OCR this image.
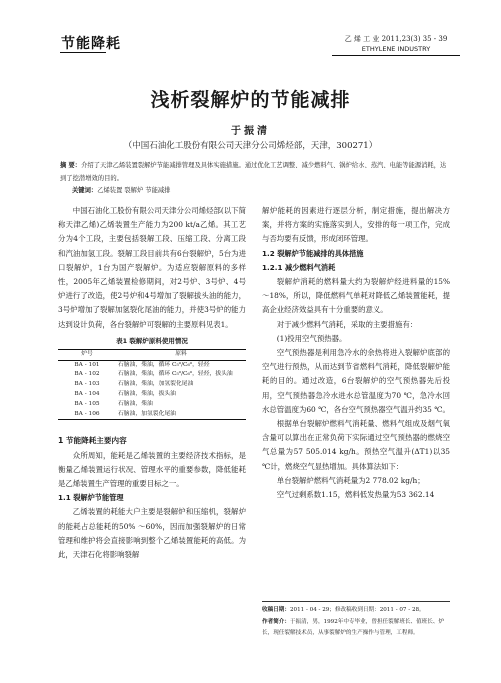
节能降耗	乙 烯 工 业 2011,23(3) 35 - 39
ETHYLENE INDUSTRY
浅析裂解炉的节能减排
于振清
（中国石油化工股份有限公司天津分公司烯烃部，天津，300271）
摘 要：介绍了天津乙烯装置裂解炉节能减排管理及具体实施措施。通过优化工艺调整、减少燃料气、锅炉给水、蒸汽、电能等能源消耗，达到了挖潜增效的目的。
关键词：乙烯装置 裂解炉 节能减排

中国石油化工股份有限公司天津分公司烯烃部(以下简称天津乙烯)乙烯装置生产能力为200 kt/a乙烯。其工艺分为4个工段，主要包括裂解工段、压缩工段、分离工段和汽油加氢工段。裂解工段目前共有6台裂解炉，5台为进口裂解炉，1台为国产裂解炉。为适应裂解原料的多样性，2005年乙烯装置检修期间，对2号炉、3号炉、4号炉进行了改造，使2号炉和4号增加了裂解拔头油的能力，3号炉增加了裂解加氢裂化尾油的能力，并使3号炉的能力达到设计负荷，各台裂解炉可裂解的主要原料见表1。

表1 裂解炉原料使用情况
炉号	原料
BA - 101	石脑油，柴油，循环 C₅⁰/C₆⁰，轻烃
BA - 102	石脑油，柴油，循环 C₅⁰/C₆⁰，轻烃，拔头油
BA - 103	石脑油，柴油，加氢裂化尾油
BA - 104	石脑油，柴油，拔头油
BA - 105	石脑油，柴油
BA - 106	石脑油，加氢裂化尾油
1 节能降耗主要内容

众所周知，能耗是乙烯装置的主要经济技术指标，是衡量乙烯装置运行状况、管理水平的重要参数，降低能耗是乙烯装置生产管理的重要目标之一。

1.1 裂解炉节能管理

乙烯装置的耗能大户主要是裂解炉和压缩机，裂解炉的能耗占总能耗的50% ～60%，因而加强裂解炉的日常管理和维护将会直接影响到整个乙烯装置能耗的高低。为此，天津石化将影响裂解

解炉能耗的因素进行逐层分析，制定措施，提出解决方案，并将方案的实施落实到人，安排的每一项工作，完成与否均要有反馈，形成闭环管理。

1.2 裂解炉节能减排的具体措施
1.2.1 减少燃料气消耗

裂解炉消耗的燃料量大约为裂解炉经进料量的15% ～18%，所以，降低燃料气单耗对降低乙烯装置能耗，提高企业经济效益具有十分重要的意义。

对于减少燃料气消耗，采取的主要措施有：

(1)投用空气预热器。

空气预热器是利用急冷水的余热将进入裂解炉底部的空气进行预热，从而达到节省燃料气消耗，降低裂解炉能耗的目的。通过改造，6台裂解炉的空气预热器先后投用，空气预热器急冷水进水总管温度为70 ℃，急冷水回水总管温度为60 ℃，各台空气预热器空气温升约35 ℃。

根据单台裂解炉燃料气消耗量、燃料气组成及烟气氧含量可以算出在正常负荷下实际通过空气预热器的燃烧空气总量为57 505.014 kg/h。预热空气温升(ΔT1)以35 ℃计，燃烧空气显热增加。具体算法如下：

单台裂解炉燃料气消耗量为2 778.02 kg/h；

空气过剩系数1.15，燃料低发热量为53 362.14

收稿日期：2011 - 04 - 29；修改稿收到日期：2011 - 07 - 28。
作者简介：于振清，男，1992年中专毕业，曾担任裂解班长、值班长、炉长，现任裂解技术员，从事裂解炉的生产操作与管理，工程师。
